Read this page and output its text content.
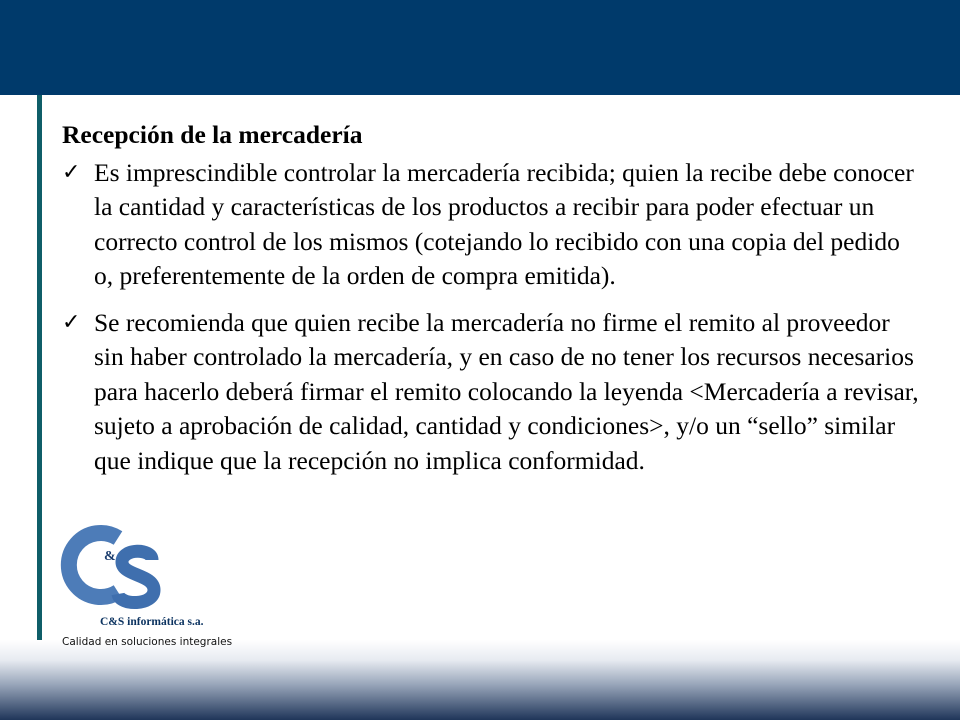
&
C&S informática s.a.
Calidad en soluciones integrales
Recepción de la mercadería
✓ Es imprescindible controlar la mercadería recibida; quien la recibe debe conocer la cantidad y características de los productos a recibir para poder efectuar un correcto control de los mismos (cotejando lo recibido con una copia del pedido o, preferentemente de la orden de compra emitida).
✓ Se recomienda que quien recibe la mercadería no firme el remito al proveedor sin haber controlado la mercadería, y en caso de no tener los recursos necesarios para hacerlo deberá firmar el remito colocando la leyenda <Mercadería a revisar, sujeto a aprobación de calidad, cantidad y condiciones>, y/o un “sello” similar que indique que la recepción no implica conformidad.
